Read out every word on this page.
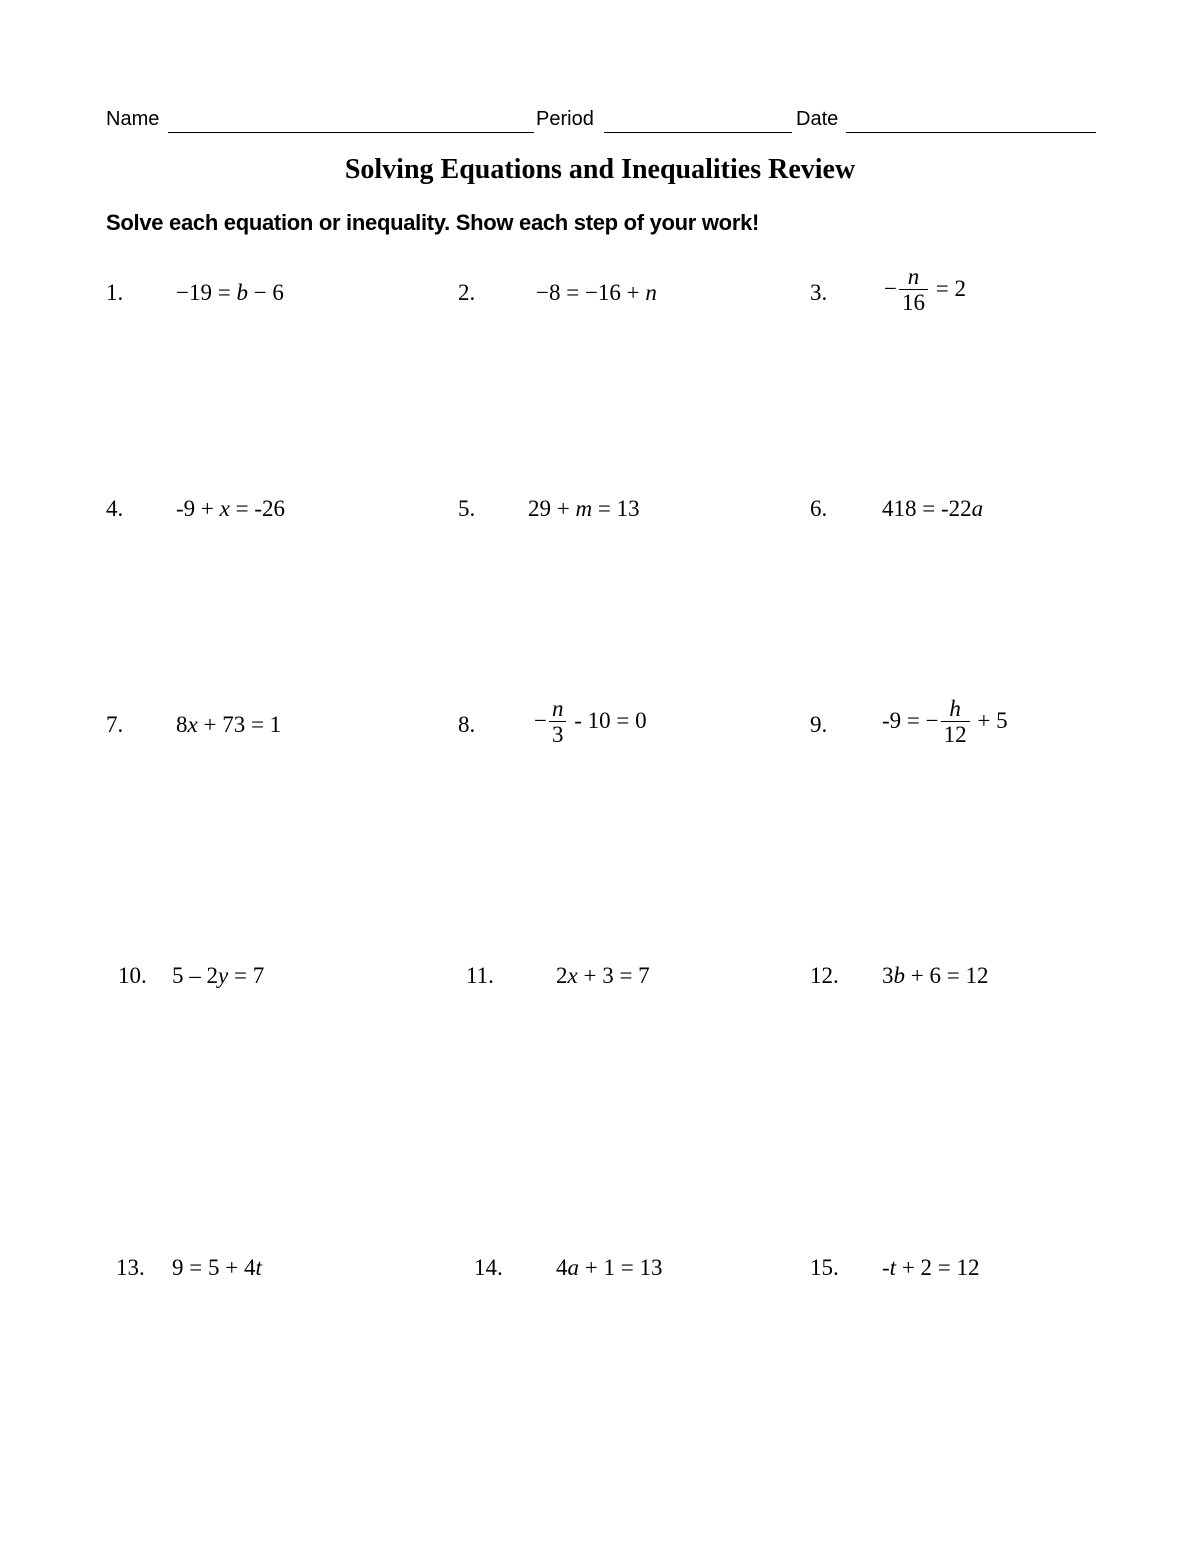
Name	Period	Date
Solving Equations and Inequalities Review
Solve each equation or inequality. Show each step of your work!
1. −19 = b − 6	2.	−8 = −16 + n	3. − $\frac{n}{16} = 2$
4. -9 + x = -26	5. 29 + m = 13	6. 418 = -22a
7. 8x + 73 = 1	8.	− $\frac{n}{3} - 10 = 0$	9. -9 = − $\frac{h}{12} + 5$
10. 5 – 2y = 7	11.	2x + 3 = 7	12. 3b + 6 = 12
13. 9 = 5 + 4t	14. 4a + 1 = 13	15. -t + 2 = 12
